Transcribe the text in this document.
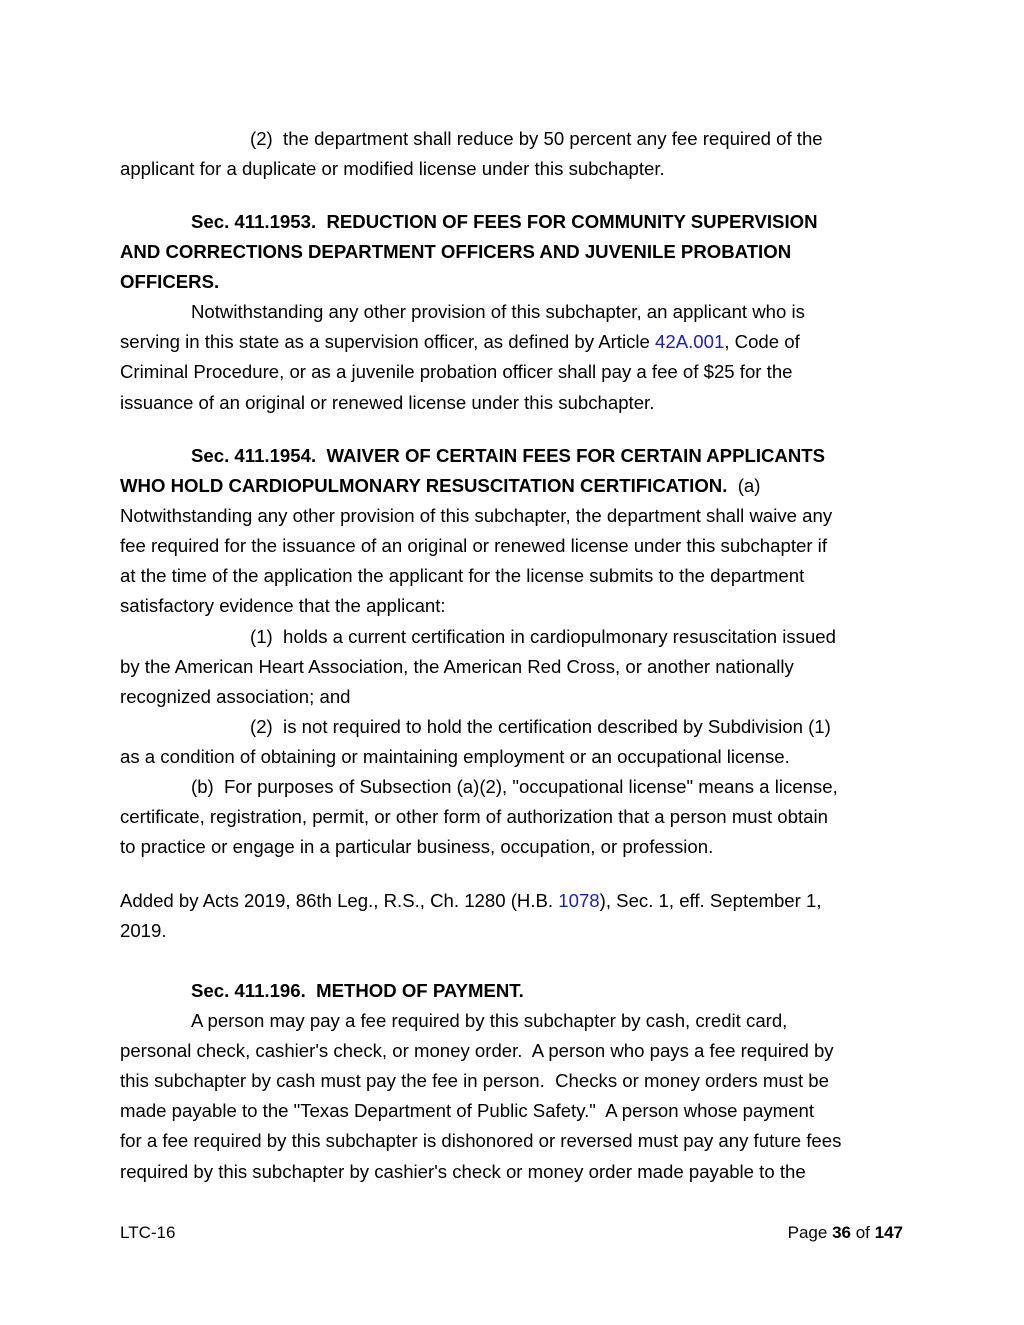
(2)  the department shall reduce by 50 percent any fee required of the
applicant for a duplicate or modified license under this subchapter.
Sec. 411.1953.  REDUCTION OF FEES FOR COMMUNITY SUPERVISION
AND CORRECTIONS DEPARTMENT OFFICERS AND JUVENILE PROBATION
OFFICERS.
Notwithstanding any other provision of this subchapter, an applicant who is
serving in this state as a supervision officer, as defined by Article 42A.001, Code of
Criminal Procedure, or as a juvenile probation officer shall pay a fee of $25 for the
issuance of an original or renewed license under this subchapter.
Sec. 411.1954.  WAIVER OF CERTAIN FEES FOR CERTAIN APPLICANTS
WHO HOLD CARDIOPULMONARY RESUSCITATION CERTIFICATION.  (a)
Notwithstanding any other provision of this subchapter, the department shall waive any
fee required for the issuance of an original or renewed license under this subchapter if
at the time of the application the applicant for the license submits to the department
satisfactory evidence that the applicant:
(1)  holds a current certification in cardiopulmonary resuscitation issued
by the American Heart Association, the American Red Cross, or another nationally
recognized association; and
(2)  is not required to hold the certification described by Subdivision (1)
as a condition of obtaining or maintaining employment or an occupational license.
(b)  For purposes of Subsection (a)(2), "occupational license" means a license,
certificate, registration, permit, or other form of authorization that a person must obtain
to practice or engage in a particular business, occupation, or profession.
Added by Acts 2019, 86th Leg., R.S., Ch. 1280 (H.B. 1078), Sec. 1, eff. September 1,
2019.
Sec. 411.196.  METHOD OF PAYMENT.
A person may pay a fee required by this subchapter by cash, credit card,
personal check, cashier's check, or money order.  A person who pays a fee required by
this subchapter by cash must pay the fee in person.  Checks or money orders must be
made payable to the "Texas Department of Public Safety."  A person whose payment
for a fee required by this subchapter is dishonored or reversed must pay any future fees
required by this subchapter by cashier's check or money order made payable to the
LTC-16	Page 36 of 147
